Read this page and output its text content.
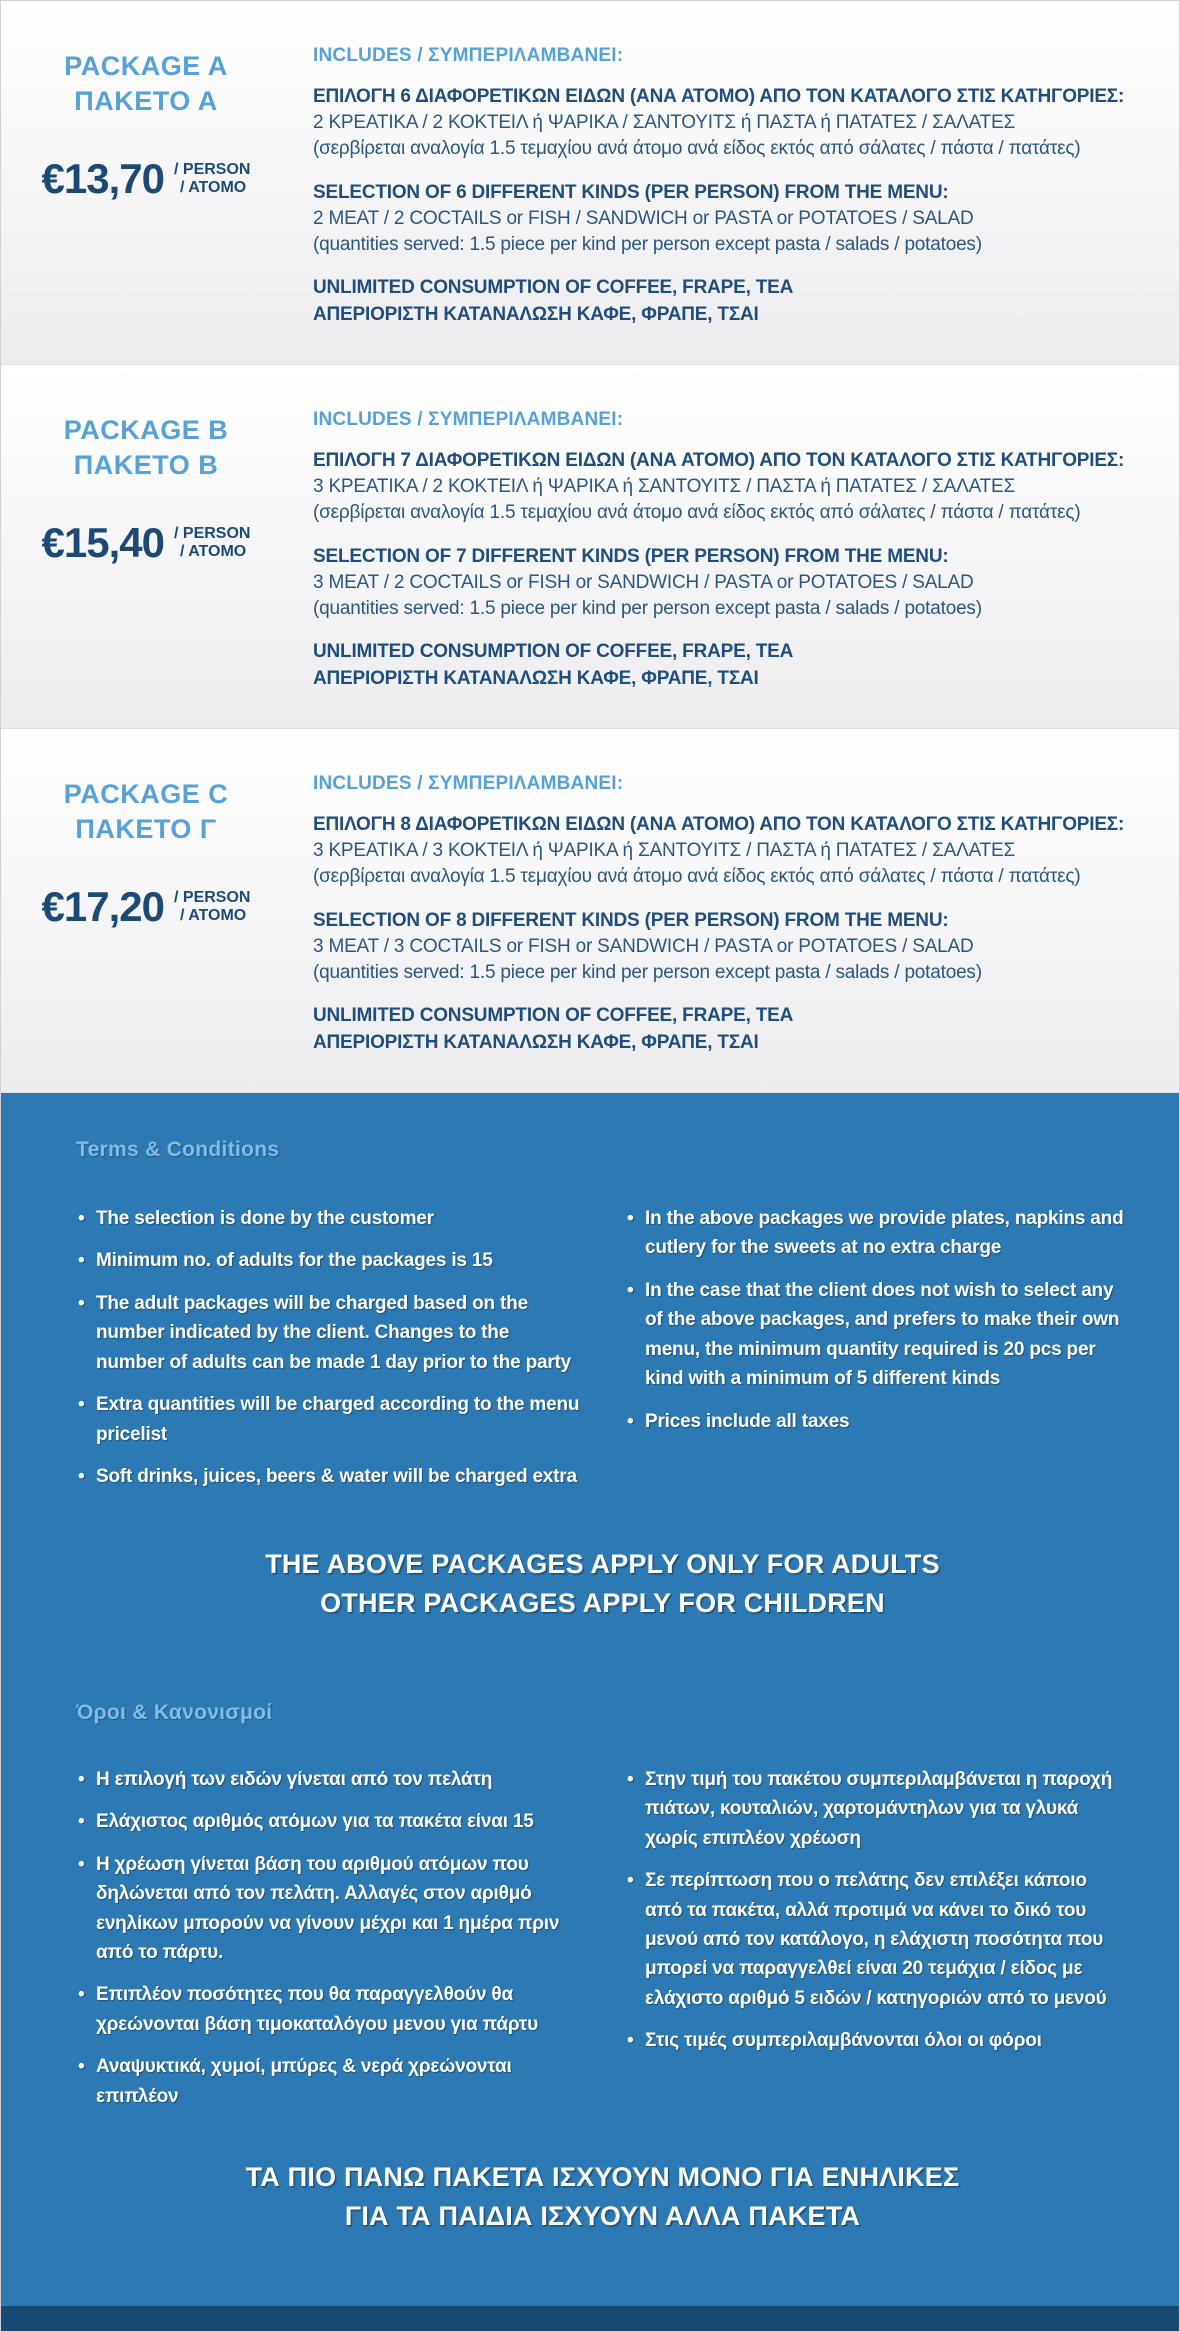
PACKAGE A
ΠΑΚΕΤΟ Α
€13,70 / PERSON
/ ΑΤΟΜΟ
INCLUDES / ΣΥΜΠΕΡΙΛΑΜΒΑΝΕΙ:
ΕΠΙΛΟΓΗ 6 ΔΙΑΦΟΡΕΤΙΚΩΝ ΕΙΔΩΝ (ΑΝΑ ΑΤΟΜΟ) ΑΠΟ ΤΟΝ ΚΑΤΑΛΟΓΟ ΣΤΙΣ ΚΑΤΗΓΟΡΙΕΣ:
2 ΚΡΕΑΤΙΚΑ / 2 ΚΟΚΤΕΙΛ ή ΨΑΡΙΚΑ / ΣΑΝΤΟΥΙΤΣ ή ΠΑΣΤΑ ή ΠΑΤΑΤΕΣ / ΣΑΛΑΤΕΣ
(σερβίρεται αναλογία 1.5 τεμαχίου ανά άτομο ανά είδος εκτός από σάλατες / πάστα / πατάτες)
SELECTION OF 6 DIFFERENT KINDS (PER PERSON) FROM THE MENU:
2 MEAT / 2 COCTAILS or FISH / SANDWICH or PASTA or POTATOES / SALAD
(quantities served: 1.5 piece per kind per person except pasta / salads / potatoes)
UNLIMITED CONSUMPTION OF COFFEE, FRAPE, TEA
ΑΠΕΡΙΟΡΙΣΤΗ ΚΑΤΑΝΑΛΩΣΗ ΚΑΦΕ, ΦΡΑΠΕ, ΤΣΑΙ
PACKAGE B
ΠΑΚΕΤΟ Β
€15,40 / PERSON
/ ΑΤΟΜΟ
INCLUDES / ΣΥΜΠΕΡΙΛΑΜΒΑΝΕΙ:
ΕΠΙΛΟΓΗ 7 ΔΙΑΦΟΡΕΤΙΚΩΝ ΕΙΔΩΝ (ΑΝΑ ΑΤΟΜΟ) ΑΠΟ ΤΟΝ ΚΑΤΑΛΟΓΟ ΣΤΙΣ ΚΑΤΗΓΟΡΙΕΣ:
3 ΚΡΕΑΤΙΚΑ / 2 ΚΟΚΤΕΙΛ ή ΨΑΡΙΚΑ ή ΣΑΝΤΟΥΙΤΣ / ΠΑΣΤΑ ή ΠΑΤΑΤΕΣ / ΣΑΛΑΤΕΣ
(σερβίρεται αναλογία 1.5 τεμαχίου ανά άτομο ανά είδος εκτός από σάλατες / πάστα / πατάτες)
SELECTION OF 7 DIFFERENT KINDS (PER PERSON) FROM THE MENU:
3 MEAT / 2 COCTAILS or FISH or SANDWICH / PASTA or POTATOES / SALAD
(quantities served: 1.5 piece per kind per person except pasta / salads / potatoes)
UNLIMITED CONSUMPTION OF COFFEE, FRAPE, TEA
ΑΠΕΡΙΟΡΙΣΤΗ ΚΑΤΑΝΑΛΩΣΗ ΚΑΦΕ, ΦΡΑΠΕ, ΤΣΑΙ
PACKAGE C
ΠΑΚΕΤΟ Γ
€17,20 / PERSON
/ ΑΤΟΜΟ
INCLUDES / ΣΥΜΠΕΡΙΛΑΜΒΑΝΕΙ:
ΕΠΙΛΟΓΗ 8 ΔΙΑΦΟΡΕΤΙΚΩΝ ΕΙΔΩΝ (ΑΝΑ ΑΤΟΜΟ) ΑΠΟ ΤΟΝ ΚΑΤΑΛΟΓΟ ΣΤΙΣ ΚΑΤΗΓΟΡΙΕΣ:
3 ΚΡΕΑΤΙΚΑ / 3 ΚΟΚΤΕΙΛ ή ΨΑΡΙΚΑ ή ΣΑΝΤΟΥΙΤΣ / ΠΑΣΤΑ ή ΠΑΤΑΤΕΣ / ΣΑΛΑΤΕΣ
(σερβίρεται αναλογία 1.5 τεμαχίου ανά άτομο ανά είδος εκτός από σάλατες / πάστα / πατάτες)
SELECTION OF 8 DIFFERENT KINDS (PER PERSON) FROM THE MENU:
3 MEAT / 3 COCTAILS or FISH or SANDWICH / PASTA or POTATOES / SALAD
(quantities served: 1.5 piece per kind per person except pasta / salads / potatoes)
UNLIMITED CONSUMPTION OF COFFEE, FRAPE, TEA
ΑΠΕΡΙΟΡΙΣΤΗ ΚΑΤΑΝΑΛΩΣΗ ΚΑΦΕ, ΦΡΑΠΕ, ΤΣΑΙ
Terms & Conditions
• The selection is done by the customer
• Minimum no. of adults for the packages is 15
• The adult packages will be charged based on the number indicated by the client. Changes to the number of adults can be made 1 day prior to the party
• Extra quantities will be charged according to the menu pricelist
• Soft drinks, juices, beers & water will be charged extra
• In the above packages we provide plates, napkins and cutlery for the sweets at no extra charge
• In the case that the client does not wish to select any of the above packages, and prefers to make their own menu, the minimum quantity required is 20 pcs per kind with a minimum of 5 different kinds
• Prices include all taxes
THE ABOVE PACKAGES APPLY ONLY FOR ADULTS
OTHER PACKAGES APPLY FOR CHILDREN
Όροι & Κανονισμοί
• Η επιλογή των ειδών γίνεται από τον πελάτη
• Ελάχιστος αριθμός ατόμων για τα πακέτα είναι 15
• Η χρέωση γίνεται βάση του αριθμού ατόμων που δηλώνεται από τον πελάτη. Αλλαγές στον αριθμό ενηλίκων μπορούν να γίνουν μέχρι και 1 ημέρα πριν από το πάρτυ.
• Επιπλέον ποσότητες που θα παραγγελθούν θα χρεώνονται βάση τιμοκαταλόγου μενου για πάρτυ
• Αναψυκτικά, χυμοί, μπύρες & νερά χρεώνονται επιπλέον
• Στην τιμή του πακέτου συμπεριλαμβάνεται η παροχή πιάτων, κουταλιών, χαρτομάντηλων για τα γλυκά χωρίς επιπλέον χρέωση
• Σε περίπτωση που ο πελάτης δεν επιλέξει κάποιο από τα πακέτα, αλλά προτιμά να κάνει το δικό του μενού από τον κατάλογο, η ελάχιστη ποσότητα που μπορεί να παραγγελθεί είναι 20 τεμάχια / είδος με ελάχιστο αριθμό 5 ειδών / κατηγοριών από το μενού
• Στις τιμές συμπεριλαμβάνονται όλοι οι φόροι
ΤΑ ΠΙΟ ΠΑΝΩ ΠΑΚΕΤΑ ΙΣΧΥΟΥΝ ΜΟΝΟ ΓΙΑ ΕΝΗΛΙΚΕΣ
ΓΙΑ ΤΑ ΠΑΙΔΙΑ ΙΣΧΥΟΥΝ ΑΛΛΑ ΠΑΚΕΤΑ
